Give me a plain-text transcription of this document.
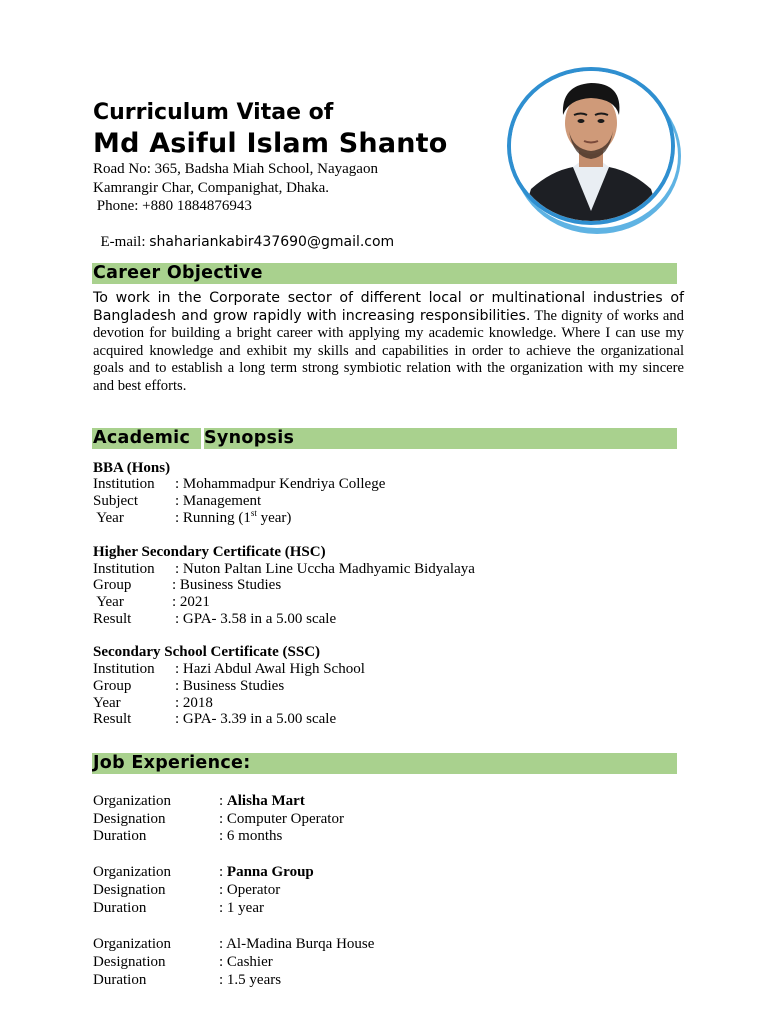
Curriculum Vitae of
Md Asiful Islam Shanto
Road No: 365, Badsha Miah School, Nayagaon
Kamrangir Char, Companighat, Dhaka.
Phone: +880 1884876943

E-mail: shahariankabir437690@gmail.com

Career Objective
To work in the Corporate sector of different local or multinational industries of Bangladesh and grow rapidly with increasing responsibilities. The dignity of works and devotion for building a bright career with applying my academic knowledge. Where I can use my acquired knowledge and exhibit my skills and capabilities in order to achieve the organizational goals and to establish a long term strong symbiotic relation with the organization with my sincere and best efforts.
Academic Synopsis
BBA (Hons)
Institution : Mohammadpur Kendriya College
Subject : Management
Year	: Running (1st year)
Higher Secondary Certificate (HSC)
Institution : Nuton Paltan Line Uccha Madhyamic Bidyalaya
Group	: Business Studies
Year	: 2021
Result	: GPA- 3.58 in a 5.00 scale
Secondary School Certificate (SSC)
Institution : Hazi Abdul Awal High School
Group	: Business Studies
Year	: 2018
Result	: GPA- 3.39 in a 5.00 scale
Job Experience:
Organization	: Alisha Mart
Designation	: Computer Operator
Duration	: 6 months
Organization	: Panna Group
Designation	: Operator
Duration	: 1 year
Organization	: Al-Madina Burqa House
Designation	: Cashier
Duration	: 1.5 years
